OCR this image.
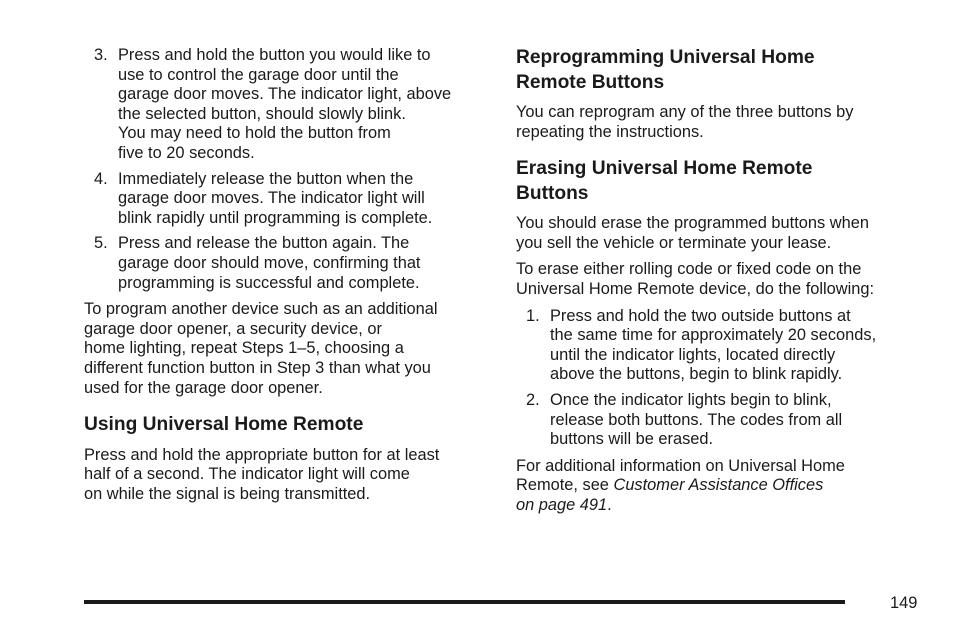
3. Press and hold the button you would like to
use to control the garage door until the
garage door moves. The indicator light, above
the selected button, should slowly blink.
You may need to hold the button from
five to 20 seconds.
4. Immediately release the button when the
garage door moves. The indicator light will
blink rapidly until programming is complete.
5. Press and release the button again. The
garage door should move, confirming that
programming is successful and complete.

To program another device such as an additional
garage door opener, a security device, or
home lighting, repeat Steps 1–5, choosing a
different function button in Step 3 than what you
used for the garage door opener.

Using Universal Home Remote

Press and hold the appropriate button for at least
half of a second. The indicator light will come
on while the signal is being transmitted.

Reprogramming Universal Home
Remote Buttons

You can reprogram any of the three buttons by
repeating the instructions.

Erasing Universal Home Remote
Buttons

You should erase the programmed buttons when
you sell the vehicle or terminate your lease.

To erase either rolling code or fixed code on the
Universal Home Remote device, do the following:

1. Press and hold the two outside buttons at
the same time for approximately 20 seconds,
until the indicator lights, located directly
above the buttons, begin to blink rapidly.
2. Once the indicator lights begin to blink,
release both buttons. The codes from all
buttons will be erased.

For additional information on Universal Home
Remote, see Customer Assistance Offices
on page 491.

149
